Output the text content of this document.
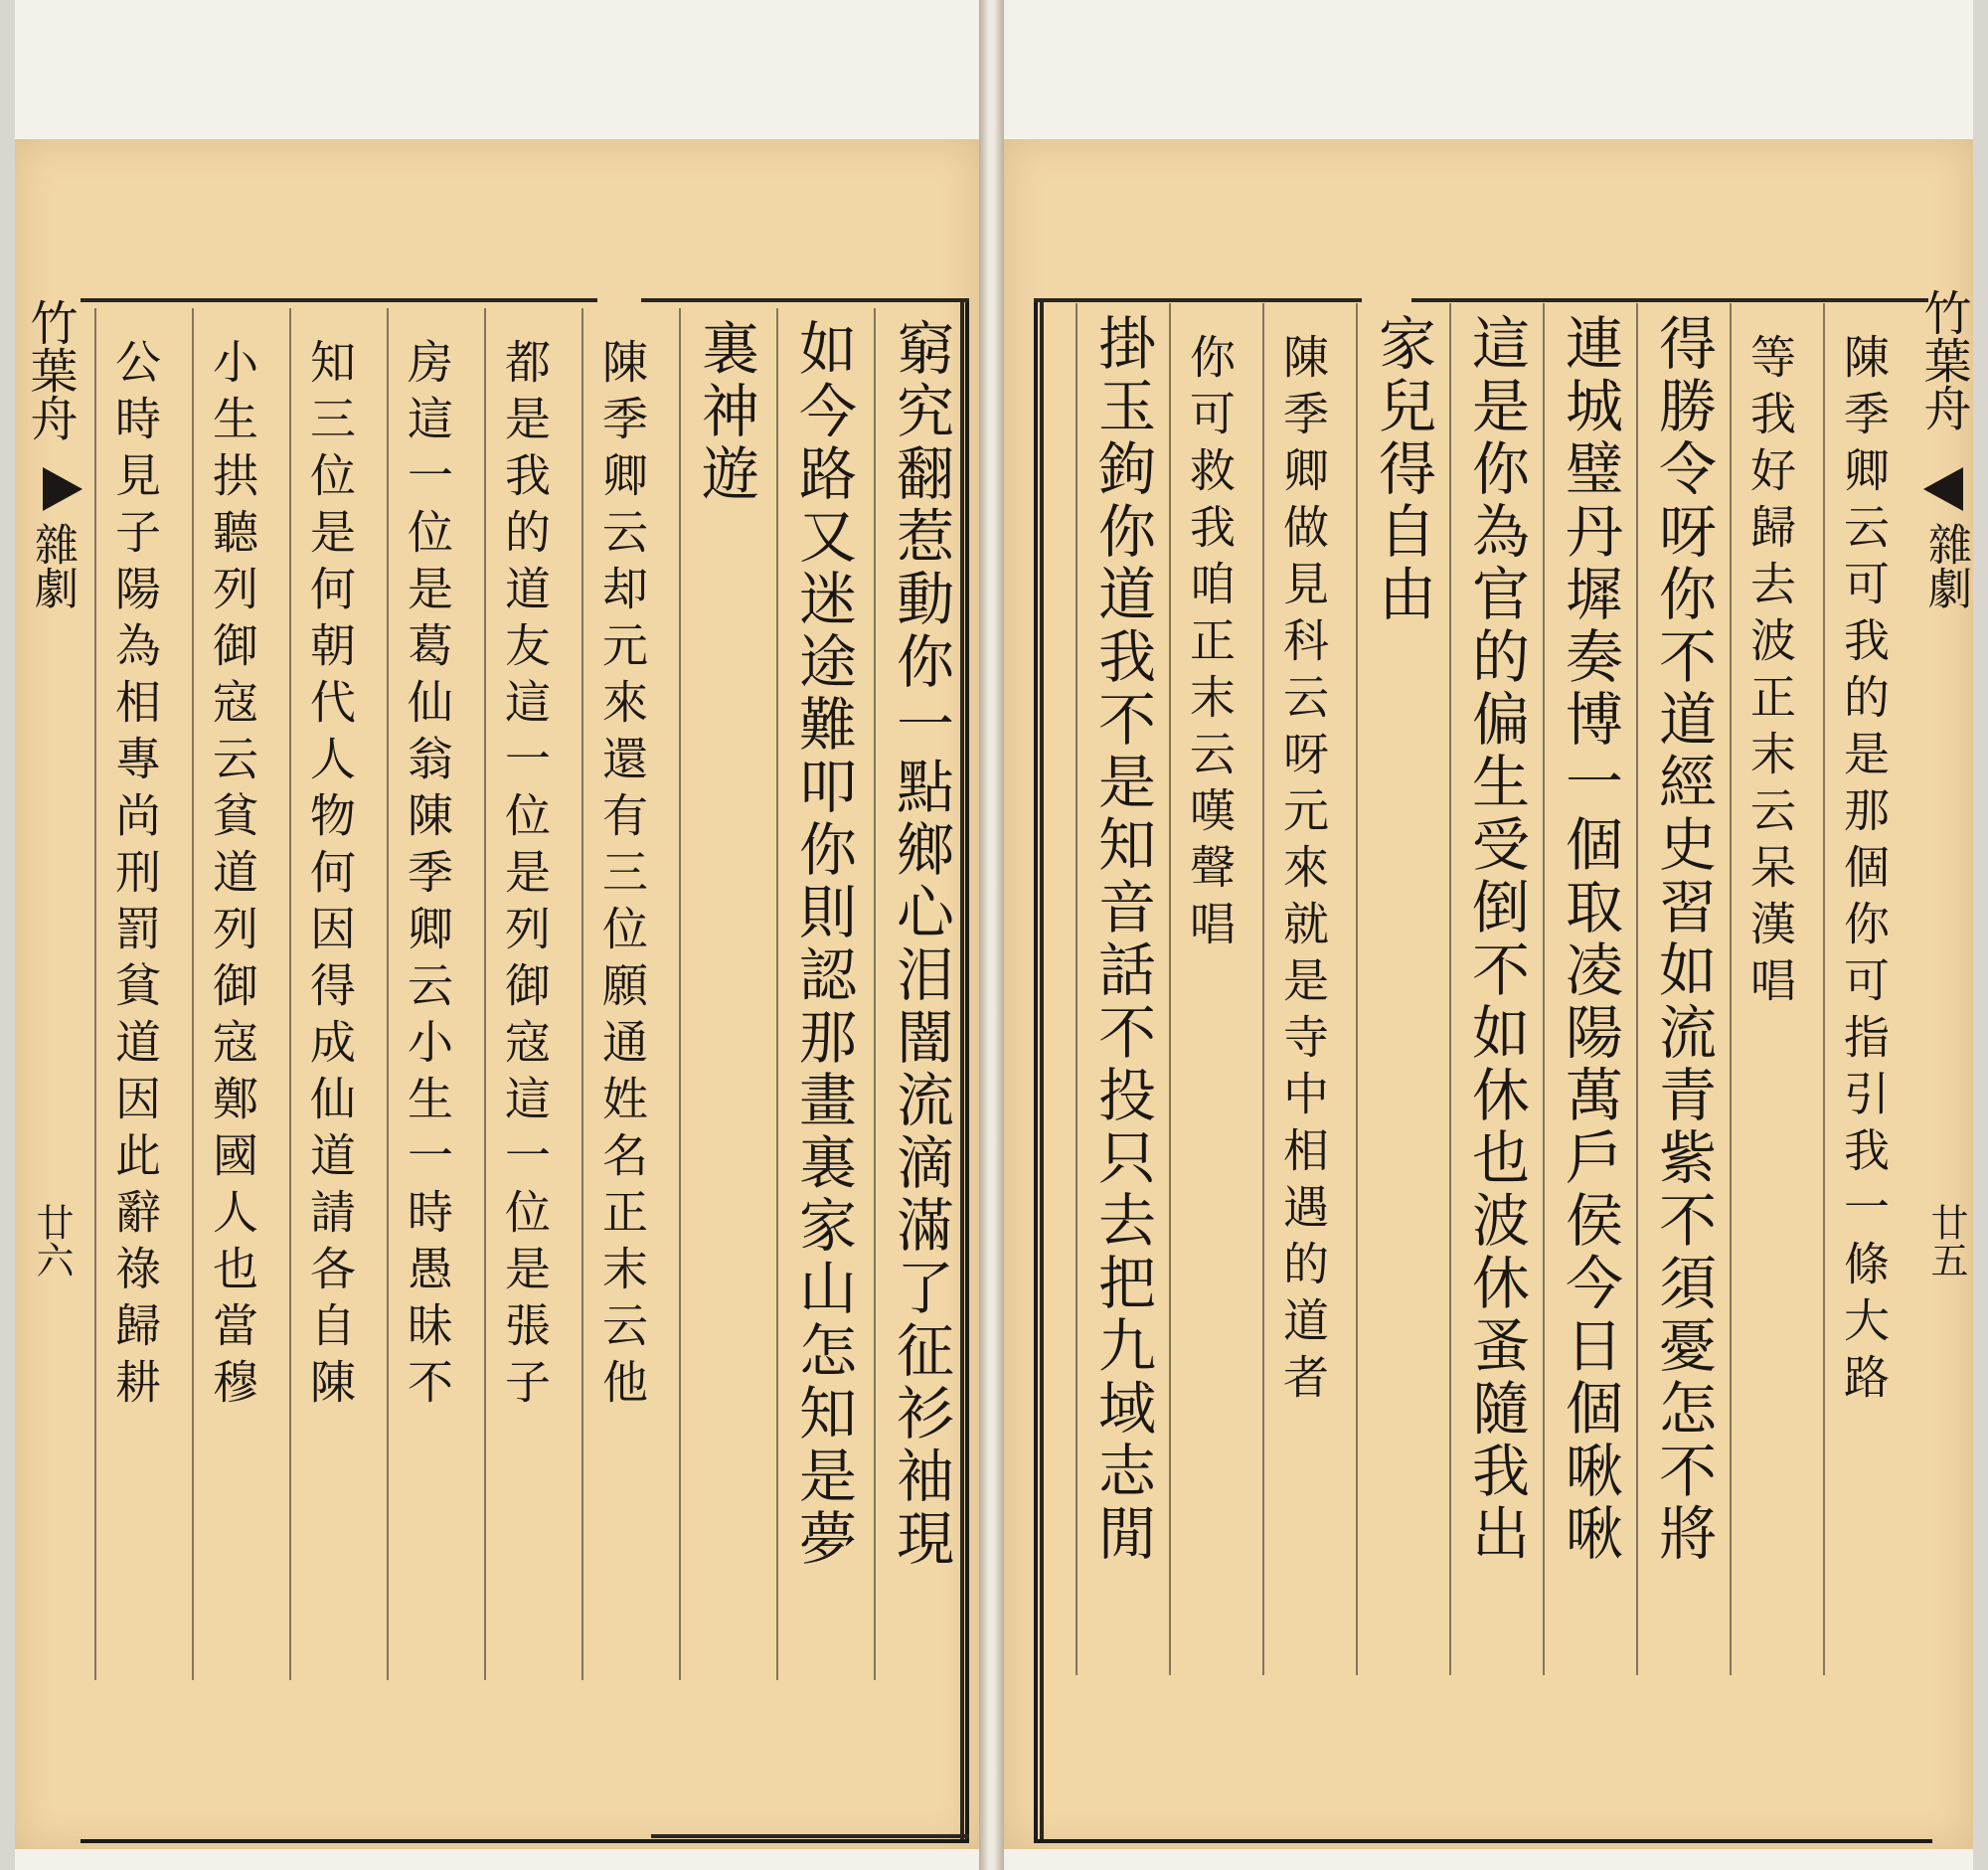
竹葉舟
雜劇
廿六	窮究翻惹動你一點鄉心泪闇流滴滿了征衫袖現
如今路又迷途難叩你則認那畫裏家山怎知是夢
裏神遊
陳季卿云却元來還有三位願通姓名正末云他
都是我的道友這一位是列御寇這一位是張子
房這一位是葛仙翁陳季卿云小生一時愚昧不
知三位是何朝代人物何因得成仙道請各自陳
小生拱聽列御寇云貧道列御寇鄭國人也當穆
公時見子陽為相專尚刑罰貧道因此辭祿歸耕	竹葉舟
雜劇
廿五
陳季卿云可我的是那個你可指引我一條大路
等我好歸去波正末云呆漢唱
得勝令呀你不道經史習如流青紫不須憂怎不將
連城璧丹墀奏博一個取凌陽萬戶侯今日個啾啾
這是你為官的偏生受倒不如休也波休蚤隨我出
家兒得自由
陳季卿做見科云呀元來就是寺中相遇的道者
你可救我咱正末云嘆聲唱
掛玉鉤你道我不是知音話不投只去把九域志閒
